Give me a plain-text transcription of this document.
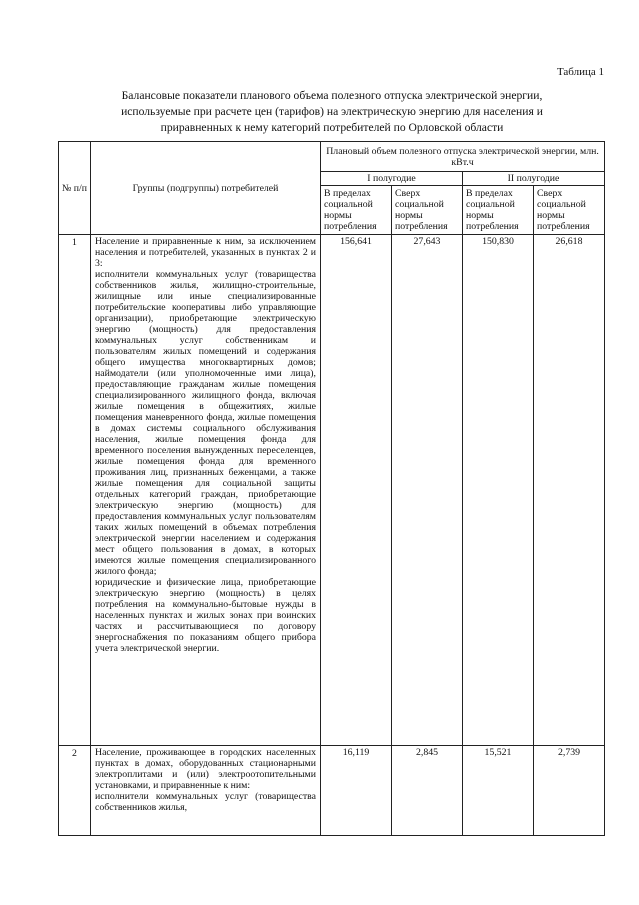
Таблица 1
Балансовые показатели планового объема полезного отпуска электрической энергии,
используемые при расчете цен (тарифов) на электрическую энергию для населения и
приравненных к нему категорий потребителей по Орловской области
№ п/п	Группы (подгруппы) потребителей	Плановый объем полезного отпуска электрической энергии, млн. кВт.ч			
		I полугодие		II полугодие	
		В пределах социальной нормы потребления	Сверх социальной нормы потребления	В пределах социальной нормы потребления	Сверх социальной нормы потребления
1	Население и приравненные к ним, за исключением населения и потребителей, указанных в пунктах 2 и 3:

исполнители коммунальных услуг (товарищества собственников жилья, жилищно-строительные, жилищные или иные специализированные потребительские кооперативы либо управляющие организации), приобретающие электрическую энергию (мощность) для предоставления коммунальных услуг собственникам и пользователям жилых помещений и содержания общего имущества многоквартирных домов; наймодатели (или уполномоченные ими лица), предоставляющие гражданам жилые помещения специализированного жилищного фонда, включая жилые помещения в общежитиях, жилые помещения маневренного фонда, жилые помещения в домах системы социального обслуживания населения, жилые помещения фонда для временного поселения вынужденных переселенцев, жилые помещения фонда для временного проживания лиц, признанных беженцами, а также жилые помещения для социальной защиты отдельных категорий граждан, приобретающие электрическую энергию (мощность) для предоставления коммунальных услуг пользователям таких жилых помещений в объемах потребления электрической энергии населением и содержания мест общего пользования в домах, в которых имеются жилые помещения специализированного жилого фонда;

юридические и физические лица, приобретающие электрическую энергию (мощность) в целях потребления на коммунально-бытовые нужды в населенных пунктах и жилых зонах при воинских частях и рассчитывающиеся по договору энергоснабжения по показаниям общего прибора учета электрической энергии.	156,641	27,643	150,830	26,618
2	Население, проживающее в городских населенных пунктах в домах, оборудованных стационарными электроплитами и (или) электроотопительными установками, и приравненные к ним:

исполнители коммунальных услуг (товарищества собственников жилья,	16,119	2,845	15,521	2,739
